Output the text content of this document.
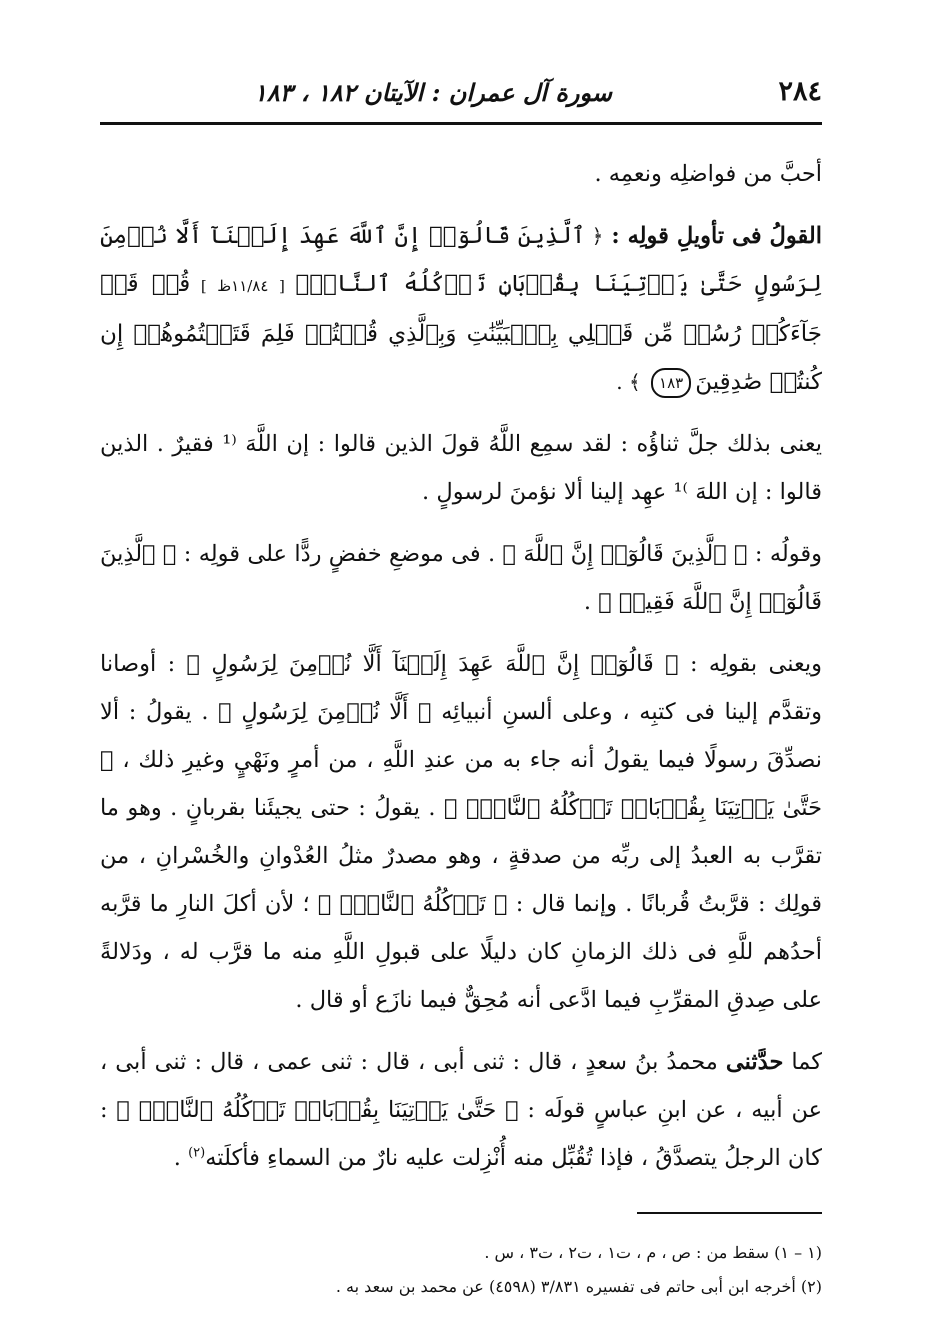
٢٨٤
سورة آل عمران : الآيتان ١٨٢ ، ١٨٣

أحبَّ من فواضلِه ونعمِه .

القولُ فى تأويلِ قولِه : ﴿ ٱلَّذِينَ قَالُوٓا۟ إِنَّ ٱللَّهَ عَهِدَ إِلَيۡنَآ أَلَّا نُؤۡمِنَ لِرَسُولٍ حَتَّىٰ يَأۡتِيَنَا بِقُرۡبَانٖ تَأۡكُلُهُ ٱلنَّارُۗ [ ١١/٨٤ظ ] قُلۡ قَدۡ جَآءَكُمۡ رُسُلٞ مِّن قَبۡلِي بِٱلۡبَيِّنَٰتِ وَبِٱلَّذِي قُلۡتُمۡ فَلِمَ قَتَلۡتُمُوهُمۡ إِن كُنتُمۡ صَٰدِقِينَ١٨٣ ﴾ .

يعنى بذلك جلَّ ثناؤُه : لقد سمِع اللَّهُ قولَ الذين قالوا : إن اللَّهَ ⁽¹ فقيرٌ . الذين قالوا : إن اللهَ ⁾¹ عهِد إلينا ألا نؤمنَ لرسولٍ .

وقولُه : ﴿ ٱلَّذِينَ قَالُوٓا۟ إِنَّ ٱللَّهَ ﴾ . فى موضعِ خفضٍ ردًّا على قولِه : ﴿ ٱلَّذِينَ قَالُوٓا۟ إِنَّ ٱللَّهَ فَقِيرٞ ﴾ .

ويعنى بقولِه : ﴿ قَالُوٓا۟ إِنَّ ٱللَّهَ عَهِدَ إِلَيۡنَآ أَلَّا نُؤۡمِنَ لِرَسُولٍ ﴾ : أوصانا وتقدَّم إلينا فى كتبِه ، وعلى ألسنِ أنبيائِه ﴿ أَلَّا نُؤۡمِنَ لِرَسُولٍ ﴾ . يقولُ : ألا نصدِّقَ رسولًا فيما يقولُ أنه جاء به من عندِ اللَّهِ ، من أمرٍ ونَهْيٍ وغيرِ ذلك ، ﴿ حَتَّىٰ يَأۡتِيَنَا بِقُرۡبَانٖ تَأۡكُلُهُ ٱلنَّارُۗ ﴾ . يقولُ : حتى يجيئَنا بقربانٍ . وهو ما تقرَّب به العبدُ إلى ربِّه من صدقةٍ ، وهو مصدرٌ مثلُ العُدْوانِ والخُسْرانِ ، من قولِك : قرَّبتُ قُربانًا . وإنما قال : ﴿ تَأۡكُلُهُ ٱلنَّارُۗ ﴾ ؛ لأن أكلَ النارِ ما قرَّبه أحدُهم للَّهِ فى ذلك الزمانِ كان دليلًا على قبولِ اللَّهِ منه ما قرَّب له ، ودَلالةً على صِدقِ المقرِّبِ فيما ادَّعى أنه مُحِقٌّ فيما نازَع أو قال .

كما حدَّثنى محمدُ بنُ سعدٍ ، قال : ثنى أبى ، قال : ثنى عمى ، قال : ثنى أبى ، عن أبيه ، عن ابنِ عباسٍ قولَه : ﴿ حَتَّىٰ يَأۡتِيَنَا بِقُرۡبَانٖ تَأۡكُلُهُ ٱلنَّارُۗ ﴾ : كان الرجلُ يتصدَّقُ ، فإذا تُقُبِّل منه أُنْزِلت عليه نارٌ من السماءِ فأكلَته$^{(٢)}$ .

(١ – ١) سقط من : ص ، م ، ت١ ، ت٢ ، ت٣ ، س .
(٢) أخرجه ابن أبى حاتم فى تفسيره ٣/٨٣١ (٤٥٩٨) عن محمد بن سعد به .
